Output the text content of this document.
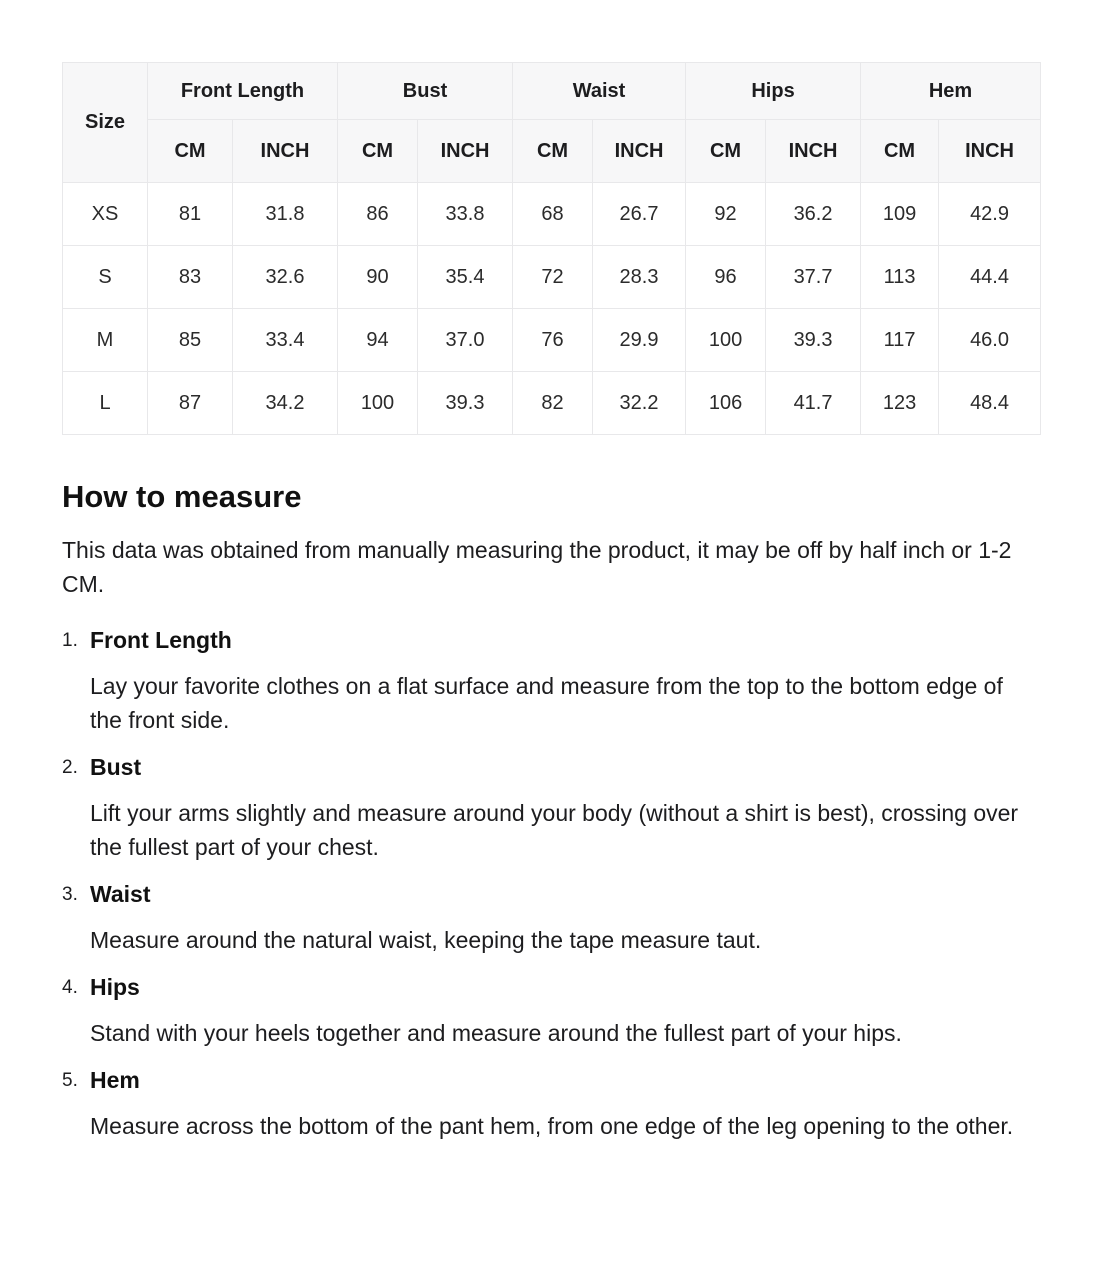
Size	Front Length		Bust		Waist		Hips		Hem	
	CM	INCH	CM	INCH	CM	INCH	CM	INCH	CM	INCH
XS	81	31.8	86	33.8	68	26.7	92	36.2	109	42.9
S	83	32.6	90	35.4	72	28.3	96	37.7	113	44.4
M	85	33.4	94	37.0	76	29.9	100	39.3	117	46.0
L	87	34.2	100	39.3	82	32.2	106	41.7	123	48.4
How to measure

This data was obtained from manually measuring the product, it may be off by half inch or 1-2 CM.

1. Front Length

Lay your favorite clothes on a flat surface and measure from the top to the bottom edge of the front side.

2. Bust

Lift your arms slightly and measure around your body (without a shirt is best), crossing over the fullest part of your chest.

3. Waist

Measure around the natural waist, keeping the tape measure taut.

4. Hips

Stand with your heels together and measure around the fullest part of your hips.

5. Hem

Measure across the bottom of the pant hem, from one edge of the leg opening to the other.
